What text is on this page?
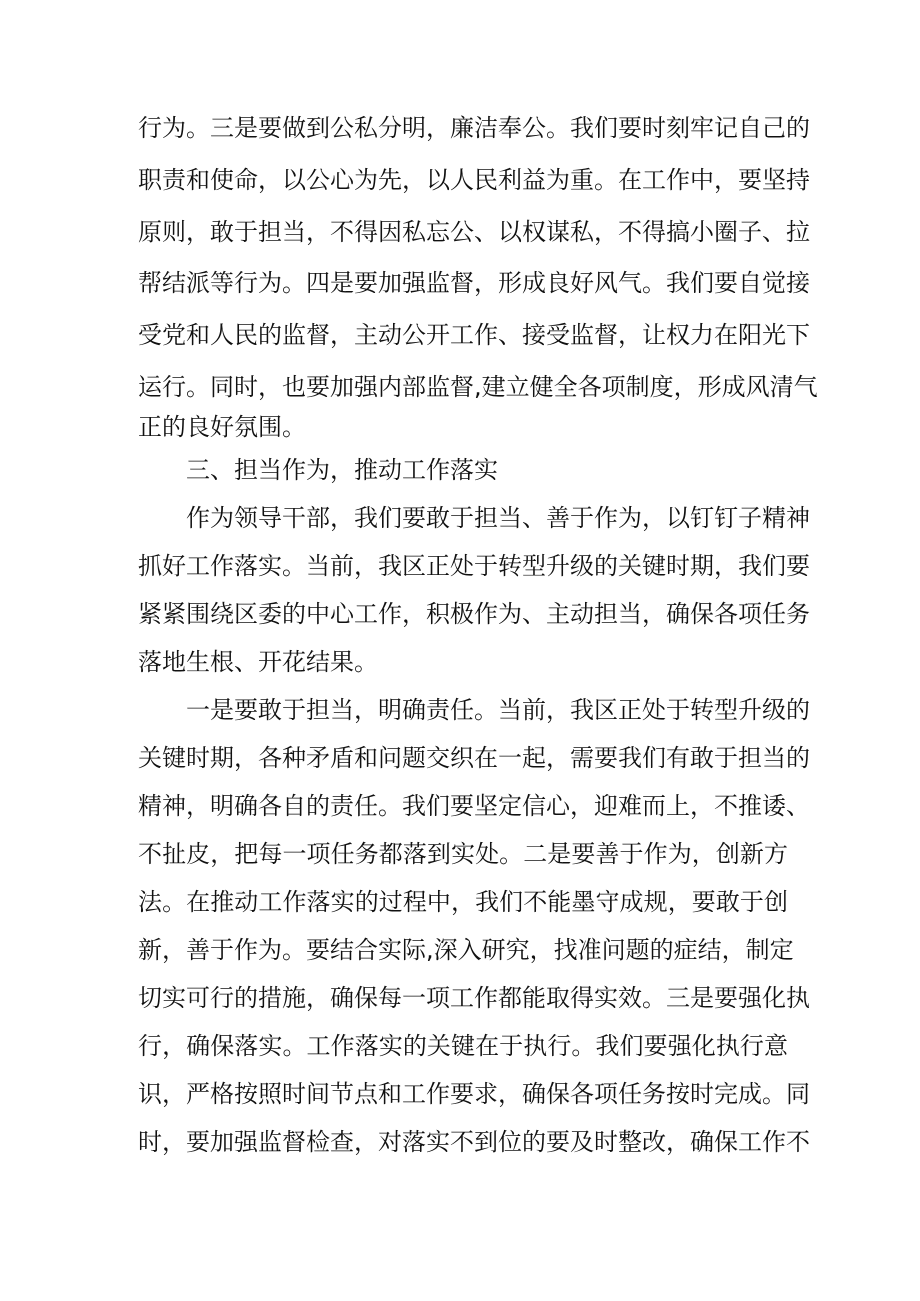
行为。三是要做到公私分明，廉洁奉公。我们要时刻牢记自己的
职责和使命，以公心为先，以人民利益为重。在工作中，要坚持
原则，敢于担当，不得因私忘公、以权谋私，不得搞小圈子、拉
帮结派等行为。四是要加强监督，形成良好风气。我们要自觉接
受党和人民的监督，主动公开工作、接受监督，让权力在阳光下
运行。同时，也要加强内部监督,建立健全各项制度，形成风清气
正的良好氛围。
三、担当作为，推动工作落实
作为领导干部，我们要敢于担当、善于作为，以钉钉子精神
抓好工作落实。当前，我区正处于转型升级的关键时期，我们要
紧紧围绕区委的中心工作，积极作为、主动担当，确保各项任务
落地生根、开花结果。
一是要敢于担当，明确责任。当前，我区正处于转型升级的
关键时期，各种矛盾和问题交织在一起，需要我们有敢于担当的
精神，明确各自的责任。我们要坚定信心，迎难而上，不推诿、
不扯皮，把每一项任务都落到实处。二是要善于作为，创新方
法。在推动工作落实的过程中，我们不能墨守成规，要敢于创
新，善于作为。要结合实际,深入研究，找准问题的症结，制定
切实可行的措施，确保每一项工作都能取得实效。三是要强化执
行，确保落实。工作落实的关键在于执行。我们要强化执行意
识，严格按照时间节点和工作要求，确保各项任务按时完成。同
时，要加强监督检查，对落实不到位的要及时整改，确保工作不
